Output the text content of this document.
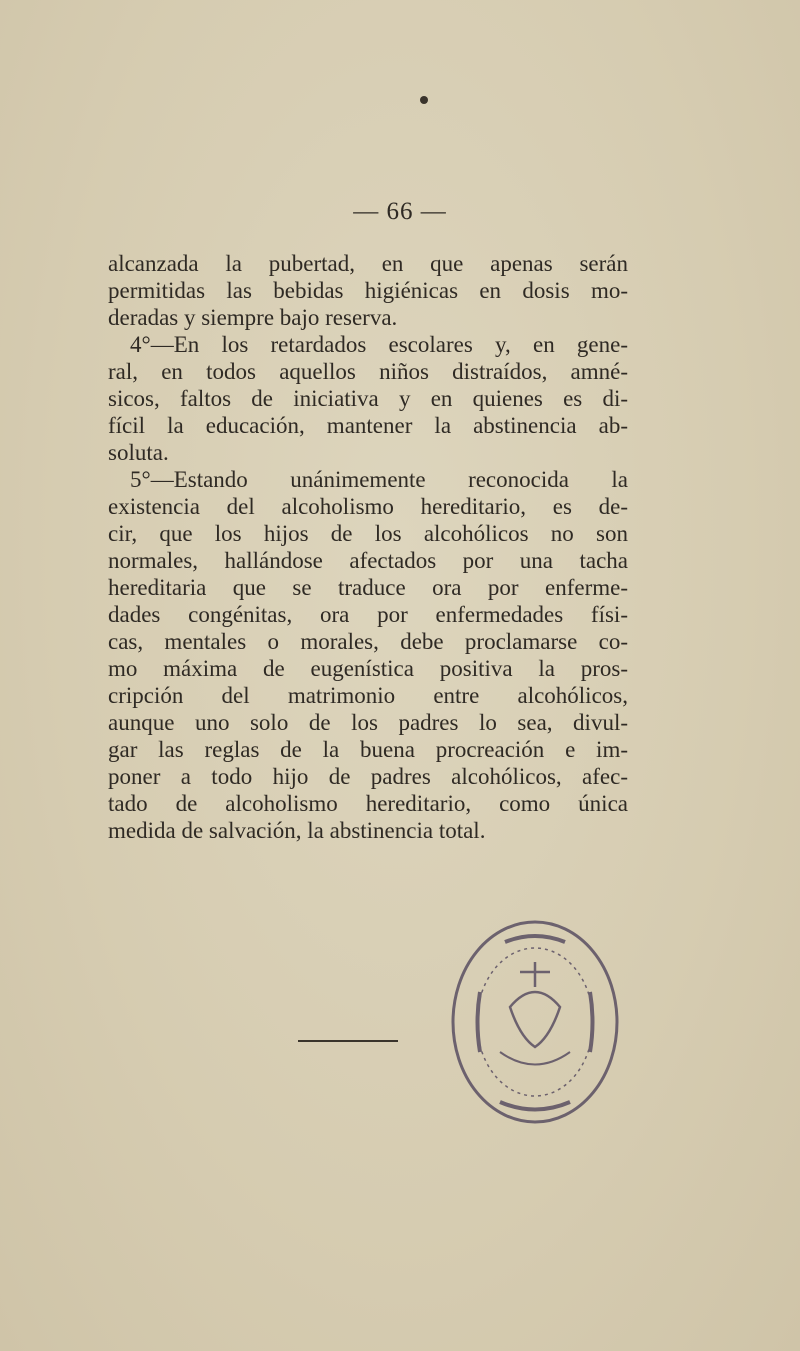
— 66 —
alcanzada la pubertad, en que apenas serán
permitidas las bebidas higiénicas en dosis mo-
deradas y siempre bajo reserva.
4°—En los retardados escolares y, en gene-
ral, en todos aquellos niños distraídos, amné-
sicos, faltos de iniciativa y en quienes es di-
fícil la educación, mantener la abstinencia ab-
soluta.
5°—Estando unánimemente reconocida la
existencia del alcoholismo hereditario, es de-
cir, que los hijos de los alcohólicos no son
normales, hallándose afectados por una tacha
hereditaria que se traduce ora por enferme-
dades congénitas, ora por enfermedades físi-
cas, mentales o morales, debe proclamarse co-
mo máxima de eugenística positiva la pros-
cripción del matrimonio entre alcohólicos,
aunque uno solo de los padres lo sea, divul-
gar las reglas de la buena procreación e im-
poner a todo hijo de padres alcohólicos, afec-
tado de alcoholismo hereditario, como única
medida de salvación, la abstinencia total.
